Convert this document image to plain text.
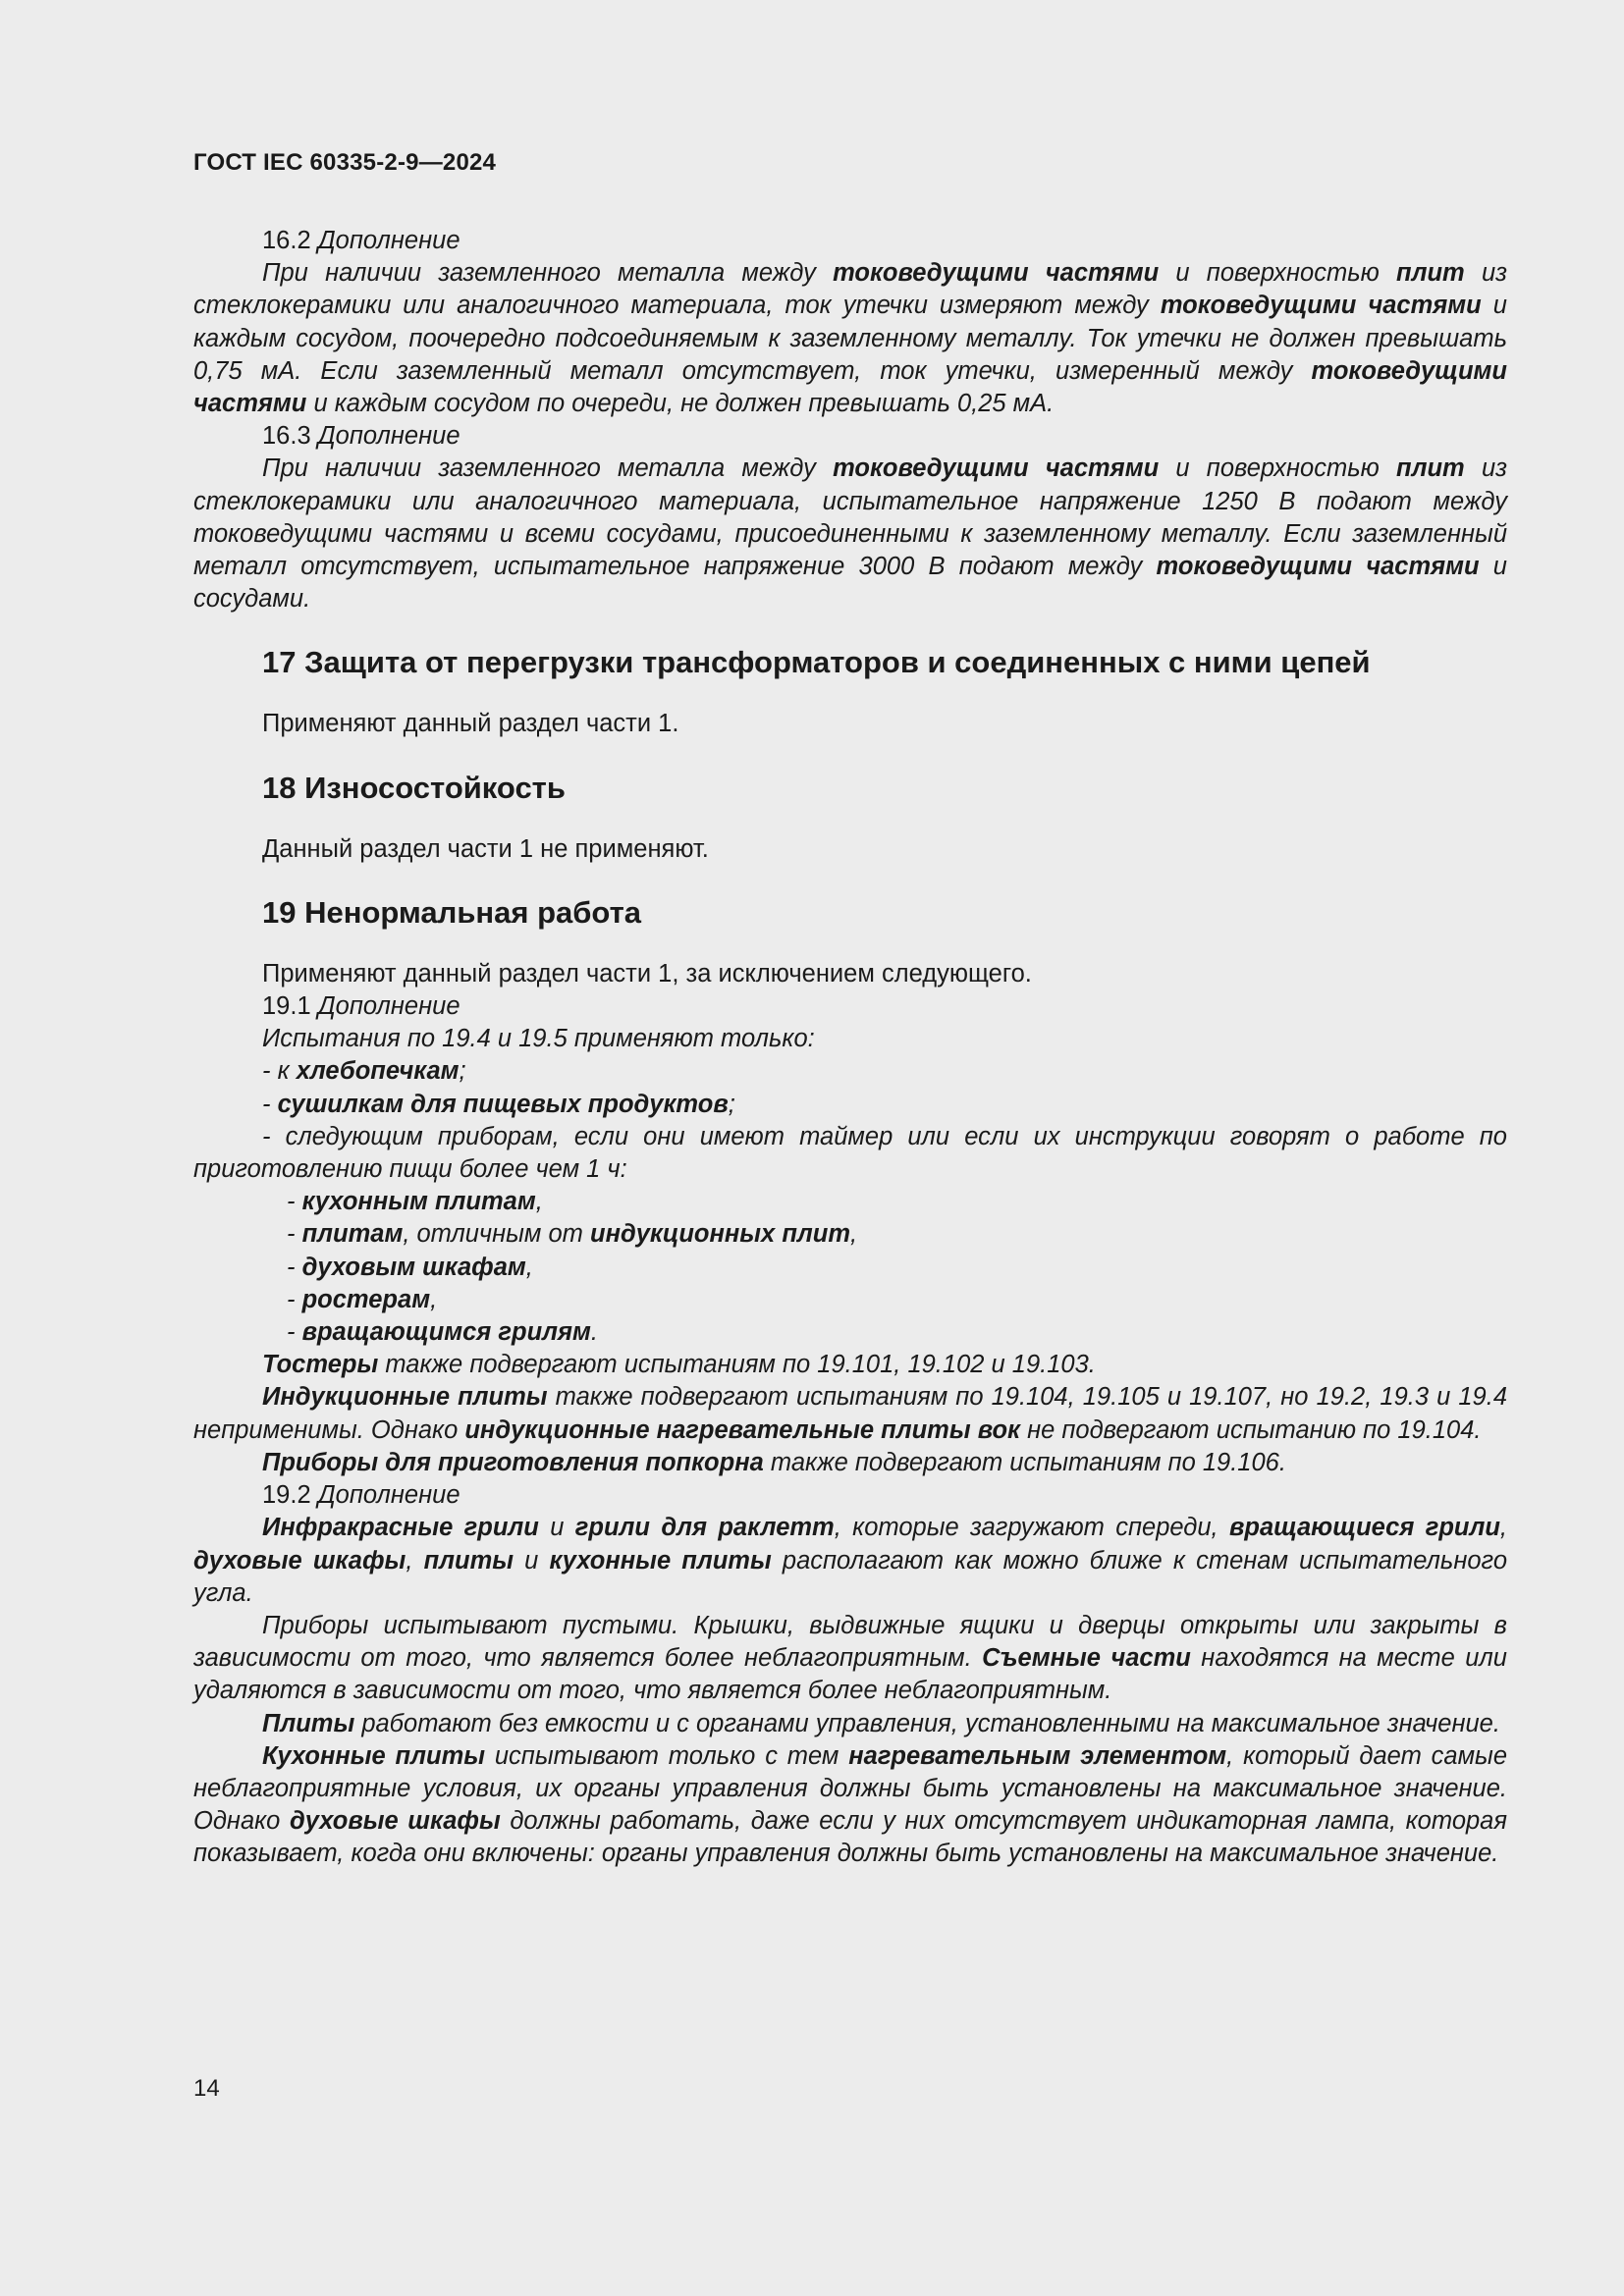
ГОСТ IEC 60335-2-9—2024

16.2 Дополнение

При наличии заземленного металла между токоведущими частями и поверхностью плит из стеклокерамики или аналогичного материала, ток утечки измеряют между токоведущими частями и каждым сосудом, поочередно подсоединяемым к заземленному металлу. Ток утечки не должен превышать 0,75 мА. Если заземленный металл отсутствует, ток утечки, измеренный между токоведущими частями и каждым сосудом по очереди, не должен превышать 0,25 мА.

16.3 Дополнение

При наличии заземленного металла между токоведущими частями и поверхностью плит из стеклокерамики или аналогичного материала, испытательное напряжение 1250 В подают между токоведущими частями и всеми сосудами, присоединенными к заземленному металлу. Если заземленный металл отсутствует, испытательное напряжение 3000 В подают между токоведущими частями и сосудами.

17 Защита от перегрузки трансформаторов и соединенных с ними цепей

Применяют данный раздел части 1.

18 Износостойкость

Данный раздел части 1 не применяют.

19 Ненормальная работа

Применяют данный раздел части 1, за исключением следующего.

19.1 Дополнение

Испытания по 19.4 и 19.5 применяют только:

- к хлебопечкам;

- сушилкам для пищевых продуктов;

- следующим приборам, если они имеют таймер или если их инструкции говорят о работе по приготовлению пищи более чем 1 ч:

- кухонным плитам,

- плитам, отличным от индукционных плит,

- духовым шкафам,

- ростерам,

- вращающимся грилям.

Тостеры также подвергают испытаниям по 19.101, 19.102 и 19.103.

Индукционные плиты также подвергают испытаниям по 19.104, 19.105 и 19.107, но 19.2, 19.3 и 19.4 неприменимы. Однако индукционные нагревательные плиты вок не подвергают испытанию по 19.104.

Приборы для приготовления попкорна также подвергают испытаниям по 19.106.

19.2 Дополнение

Инфракрасные грили и грили для раклетт, которые загружают спереди, вращающиеся грили, духовые шкафы, плиты и кухонные плиты располагают как можно ближе к стенам испытательного угла.

Приборы испытывают пустыми. Крышки, выдвижные ящики и дверцы открыты или закрыты в зависимости от того, что является более неблагоприятным. Съемные части находятся на месте или удаляются в зависимости от того, что является более неблагоприятным.

Плиты работают без емкости и с органами управления, установленными на максимальное значение.

Кухонные плиты испытывают только с тем нагревательным элементом, который дает самые неблагоприятные условия, их органы управления должны быть установлены на максимальное значение. Однако духовые шкафы должны работать, даже если у них отсутствует индикаторная лампа, которая показывает, когда они включены: органы управления должны быть установлены на максимальное значение.

14
